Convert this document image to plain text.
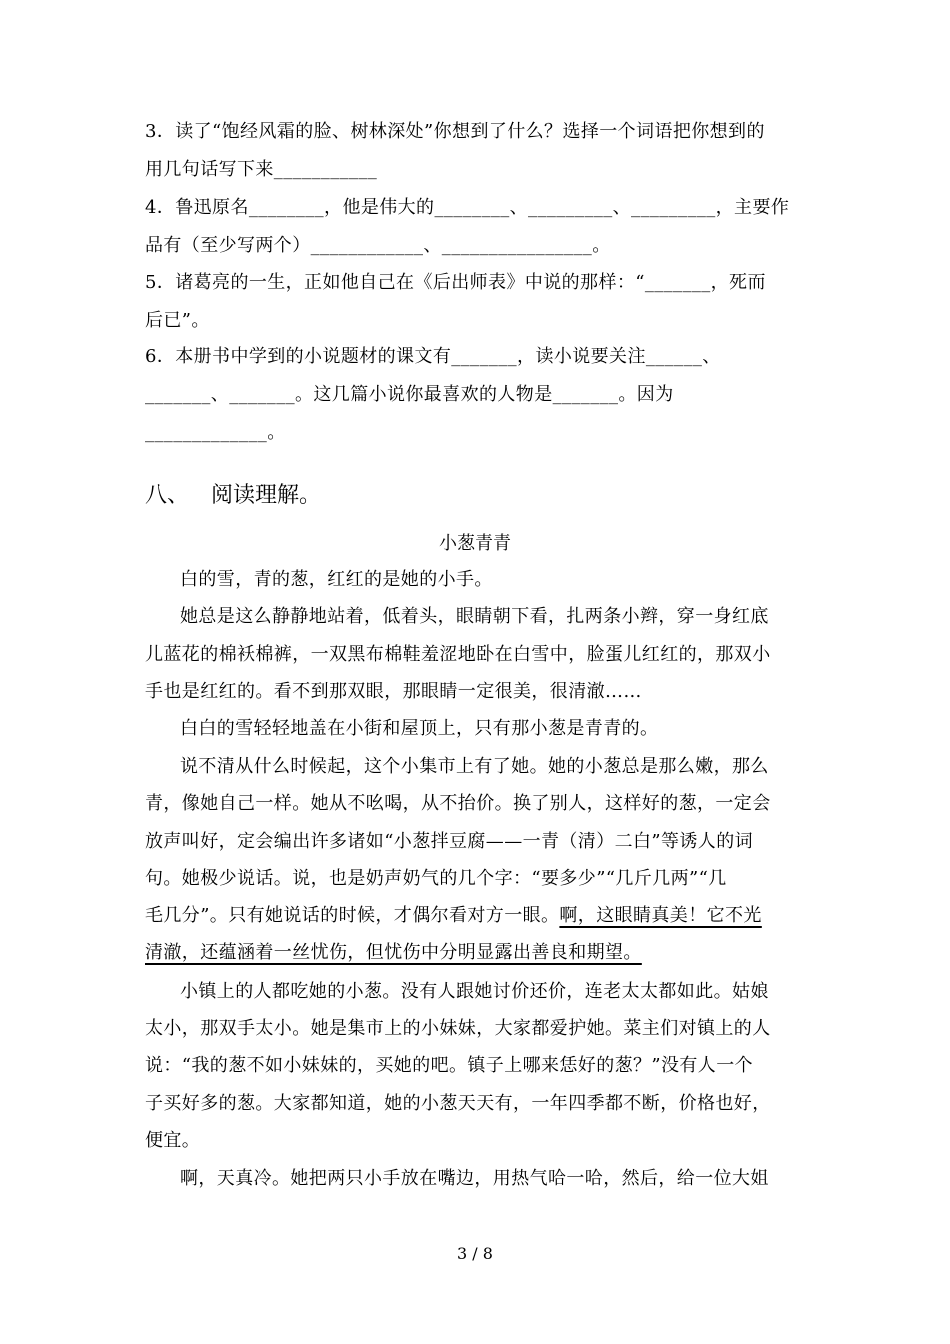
3．读了“饱经风霜的脸、树林深处”你想到了什么？选择一个词语把你想到的
用几句话写下来___________
4．鲁迅原名________，他是伟大的________、_________、_________，主要作
品有（至少写两个）____________、________________。
5．诸葛亮的一生，正如他自己在《后出师表》中说的那样：“_______，死而
后已”。
6．本册书中学到的小说题材的课文有_______，读小说要关注______、
_______、_______。这几篇小说你最喜欢的人物是_______。因为
_____________。
八、 阅读理解。
小葱青青
白的雪，青的葱，红红的是她的小手。
她总是这么静静地站着，低着头，眼睛朝下看，扎两条小辫，穿一身红底
儿蓝花的棉袄棉裤，一双黑布棉鞋羞涩地卧在白雪中，脸蛋儿红红的，那双小
手也是红红的。看不到那双眼，那眼睛一定很美，很清澈……
白白的雪轻轻地盖在小街和屋顶上，只有那小葱是青青的。
说不清从什么时候起，这个小集市上有了她。她的小葱总是那么嫩，那么
青，像她自己一样。她从不吆喝，从不抬价。换了别人，这样好的葱，一定会
放声叫好，定会编出许多诸如“小葱拌豆腐——一青（清）二白”等诱人的词
句。她极少说话。说，也是奶声奶气的几个字：“要多少”“几斤几两”“几
毛几分”。只有她说话的时候，才偶尔看对方一眼。啊，这眼睛真美！它不光
清澈，还蕴涵着一丝忧伤，但忧伤中分明显露出善良和期望。
小镇上的人都吃她的小葱。没有人跟她讨价还价，连老太太都如此。姑娘
太小，那双手太小。她是集市上的小妹妹，大家都爱护她。菜主们对镇上的人
说：“我的葱不如小妹妹的，买她的吧。镇子上哪来恁好的葱？”没有人一个
子买好多的葱。大家都知道，她的小葱天天有，一年四季都不断，价格也好，
便宜。
啊，天真冷。她把两只小手放在嘴边，用热气哈一哈，然后，给一位大姐
3 / 8
